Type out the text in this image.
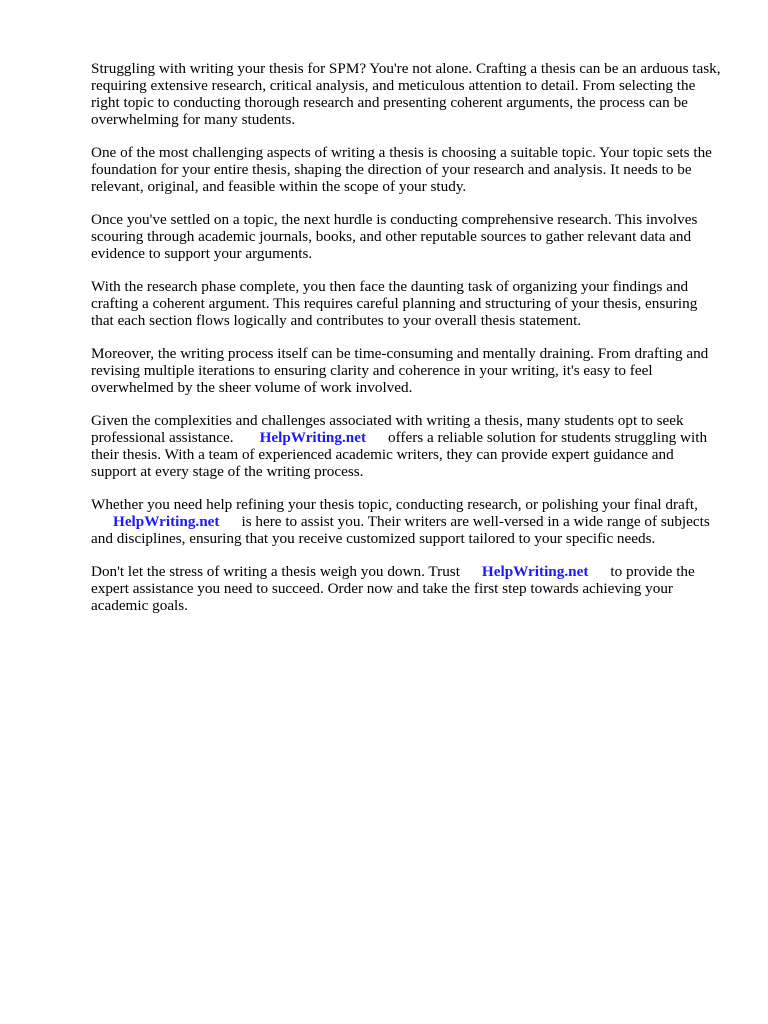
Struggling with writing your thesis for SPM? You're not alone. Crafting a thesis can be an arduous task, requiring extensive research, critical analysis, and meticulous attention to detail. From selecting the right topic to conducting thorough research and presenting coherent arguments, the process can be overwhelming for many students.

One of the most challenging aspects of writing a thesis is choosing a suitable topic. Your topic sets the foundation for your entire thesis, shaping the direction of your research and analysis. It needs to be relevant, original, and feasible within the scope of your study.

Once you've settled on a topic, the next hurdle is conducting comprehensive research. This involves scouring through academic journals, books, and other reputable sources to gather relevant data and evidence to support your arguments.

With the research phase complete, you then face the daunting task of organizing your findings and crafting a coherent argument. This requires careful planning and structuring of your thesis, ensuring that each section flows logically and contributes to your overall thesis statement.

Moreover, the writing process itself can be time-consuming and mentally draining. From drafting and revising multiple iterations to ensuring clarity and coherence in your writing, it's easy to feel overwhelmed by the sheer volume of work involved.

Given the complexities and challenges associated with writing a thesis, many students opt to seek professional assistance. HelpWriting.net offers a reliable solution for students struggling with their thesis. With a team of experienced academic writers, they can provide expert guidance and support at every stage of the writing process.

Whether you need help refining your thesis topic, conducting research, or polishing your final draft,
HelpWriting.net is here to assist you. Their writers are well-versed in a wide range of subjects and disciplines, ensuring that you receive customized support tailored to your specific needs.

Don't let the stress of writing a thesis weigh you down. Trust HelpWriting.net to provide the expert assistance you need to succeed. Order now and take the first step towards achieving your academic goals.
